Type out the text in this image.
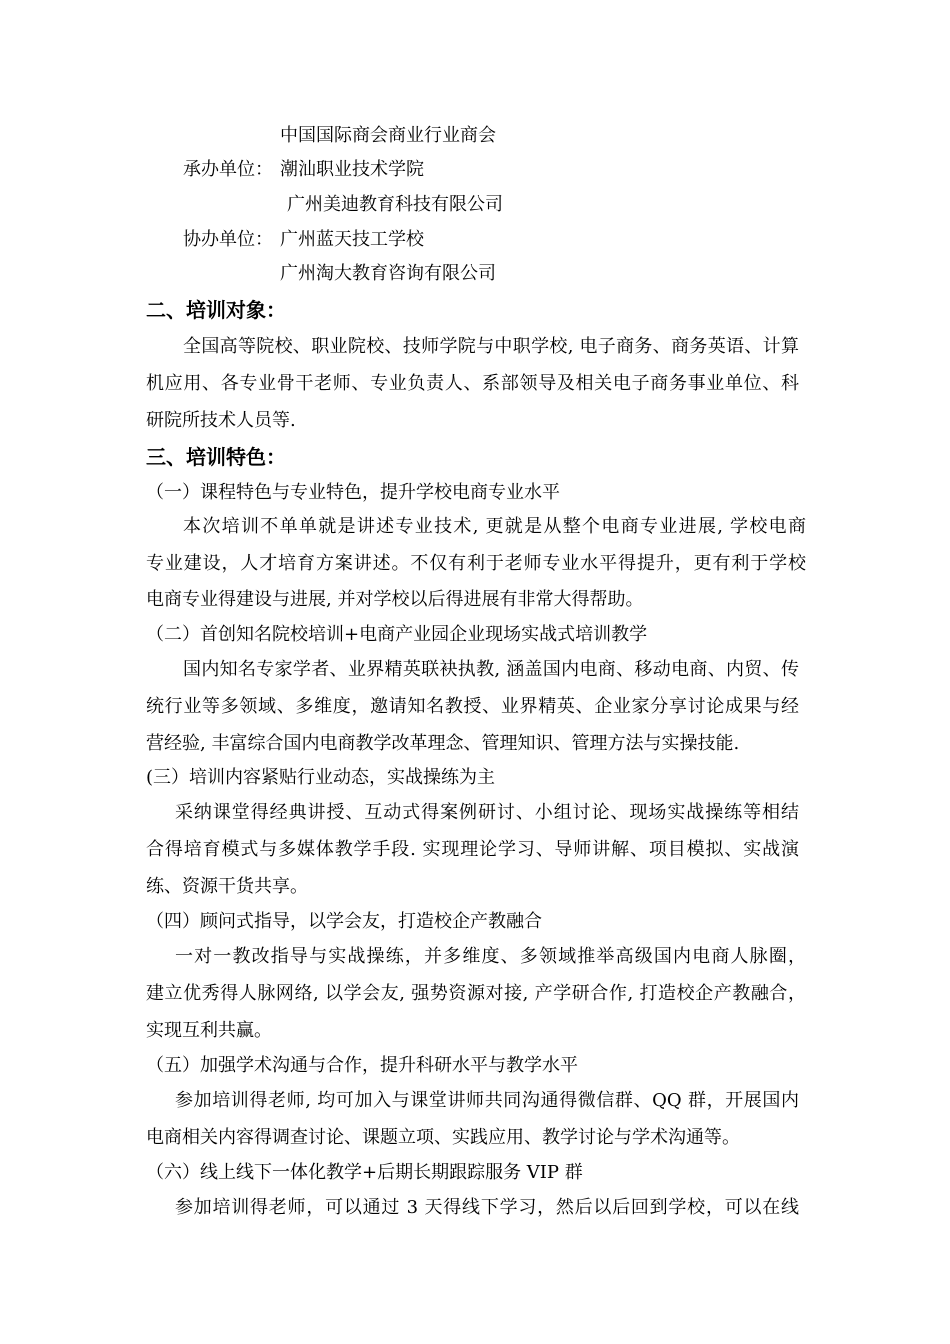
中国国际商会商业行业商会
承办单位： 潮汕职业技术学院
广州美迪教育科技有限公司
协办单位： 广州蓝天技工学校
广州淘大教育咨询有限公司
二、培训对象：
全国高等院校、职业院校、技师学院与中职学校, 电子商务、商务英语、计算
机应用、各专业骨干老师、专业负责人、系部领导及相关电子商务事业单位、科
研院所技术人员等.
三、培训特色：
（一）课程特色与专业特色，提升学校电商专业水平
本次培训不单单就是讲述专业技术, 更就是从整个电商专业进展, 学校电商
专业建设，人才培育方案讲述。不仅有利于老师专业水平得提升，更有利于学校
电商专业得建设与进展, 并对学校以后得进展有非常大得帮助。
（二）首创知名院校培训+电商产业园企业现场实战式培训教学
国内知名专家学者、业界精英联袂执教, 涵盖国内电商、移动电商、内贸、传
统行业等多领域、多维度，邀请知名教授、业界精英、企业家分享讨论成果与经
营经验, 丰富综合国内电商教学改革理念、管理知识、管理方法与实操技能.
(三）培训内容紧贴行业动态，实战操练为主
采纳课堂得经典讲授、互动式得案例研讨、小组讨论、现场实战操练等相结
合得培育模式与多媒体教学手段. 实现理论学习、导师讲解、项目模拟、实战演
练、资源干货共享。
（四）顾问式指导，以学会友，打造校企产教融合
一对一教改指导与实战操练，并多维度、多领域推举高级国内电商人脉圈，
建立优秀得人脉网络, 以学会友, 强势资源对接, 产学研合作, 打造校企产教融合，
实现互利共赢。
（五）加强学术沟通与合作，提升科研水平与教学水平
参加培训得老师, 均可加入与课堂讲师共同沟通得微信群、QQ 群，开展国内
电商相关内容得调查讨论、课题立项、实践应用、教学讨论与学术沟通等。
（六）线上线下一体化教学+后期长期跟踪服务 VIP 群
参加培训得老师，可以通过 3 天得线下学习，然后以后回到学校，可以在线
